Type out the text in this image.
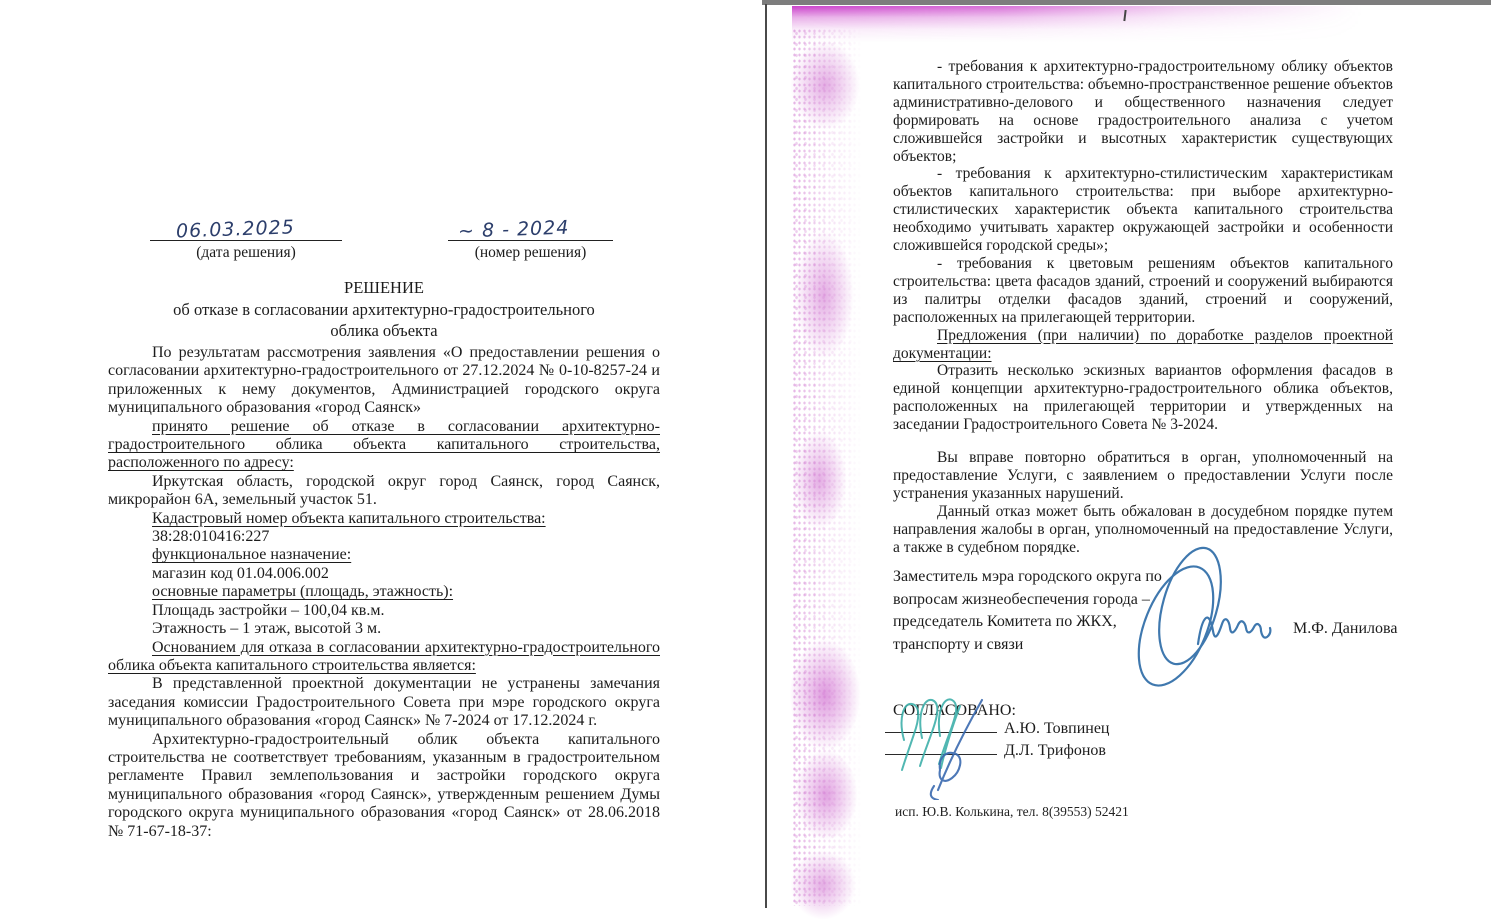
06.03.2025
(дата решения)
~ 8 - 2024
(номер решения)
РЕШЕНИЕ
об отказе в согласовании архитектурно-градостроительного
облика объекта

По результатам рассмотрения заявления «О предоставлении решения о согласовании архитектурно-градостроительного от 27.12.2024 № 0-10-8257-24 и приложенных к нему документов, Администрацией городского округа муниципального образования «город Саянск»

принято решение об отказе в согласовании архитектурно-градостроительного облика объекта капитального строительства, расположенного по адресу:

Иркутская область, городской округ город Саянск, город Саянск, микрорайон 6А, земельный участок 51.

Кадастровый номер объекта капитального строительства:

38:28:010416:227

функциональное назначение:

магазин код 01.04.006.002

основные параметры (площадь, этажность):

Площадь застройки – 100,04 кв.м.

Этажность – 1 этаж, высотой 3 м.

Основанием для отказа в согласовании архитектурно-градостроительного облика объекта капитального строительства является:

В представленной проектной документации не устранены замечания заседания комиссии Градостроительного Совета при мэре городского округа муниципального образования «город Саянск» № 7-2024 от 17.12.2024 г.

Архитектурно-градостроительный облик объекта капитального строительства не соответствует требованиям, указанным в градостроительном регламенте Правил землепользования и застройки городского округа муниципального образования «город Саянск», утвержденным решением Думы городского округа муниципального образования «город Саянск» от 28.06.2018 № 71-67-18-37:

- требования к архитектурно-градостроительному облику объектов капитального строительства: объемно-пространственное решение объектов административно-делового и общественного назначения следует формировать на основе градостроительного анализа с учетом сложившейся застройки и высотных характеристик существующих объектов;

- требования к архитектурно-стилистическим характеристикам объектов капитального строительства: при выборе архитектурно-стилистических характеристик объекта капитального строительства необходимо учитывать характер окружающей застройки и особенности сложившейся городской среды»;

- требования к цветовым решениям объектов капитального строительства: цвета фасадов зданий, строений и сооружений выбираются из палитры отделки фасадов зданий, строений и сооружений, расположенных на прилегающей территории.

Предложения (при наличии) по доработке разделов проектной документации:

Отразить несколько эскизных вариантов оформления фасадов в единой концепции архитектурно-градостроительного облика объектов, расположенных на прилегающей территории и утвержденных на заседании Градостроительного Совета № 3-2024.

Вы вправе повторно обратиться в орган, уполномоченный на предоставление Услуги, с заявлением о предоставлении Услуги после устранения указанных нарушений.

Данный отказ может быть обжалован в досудебном порядке путем направления жалобы в орган, уполномоченный на предоставление Услуги, а также в судебном порядке.

Заместитель мэра городского округа по

вопросам жизнеобеспечения города –

председатель Комитета по ЖКХ,

транспорту и связи

М.Ф. Данилова
СОГЛАСОВАНО:
А.Ю. Товпинец
Д.Л. Трифонов
исп. Ю.В. Колькина, тел. 8(39553) 52421
